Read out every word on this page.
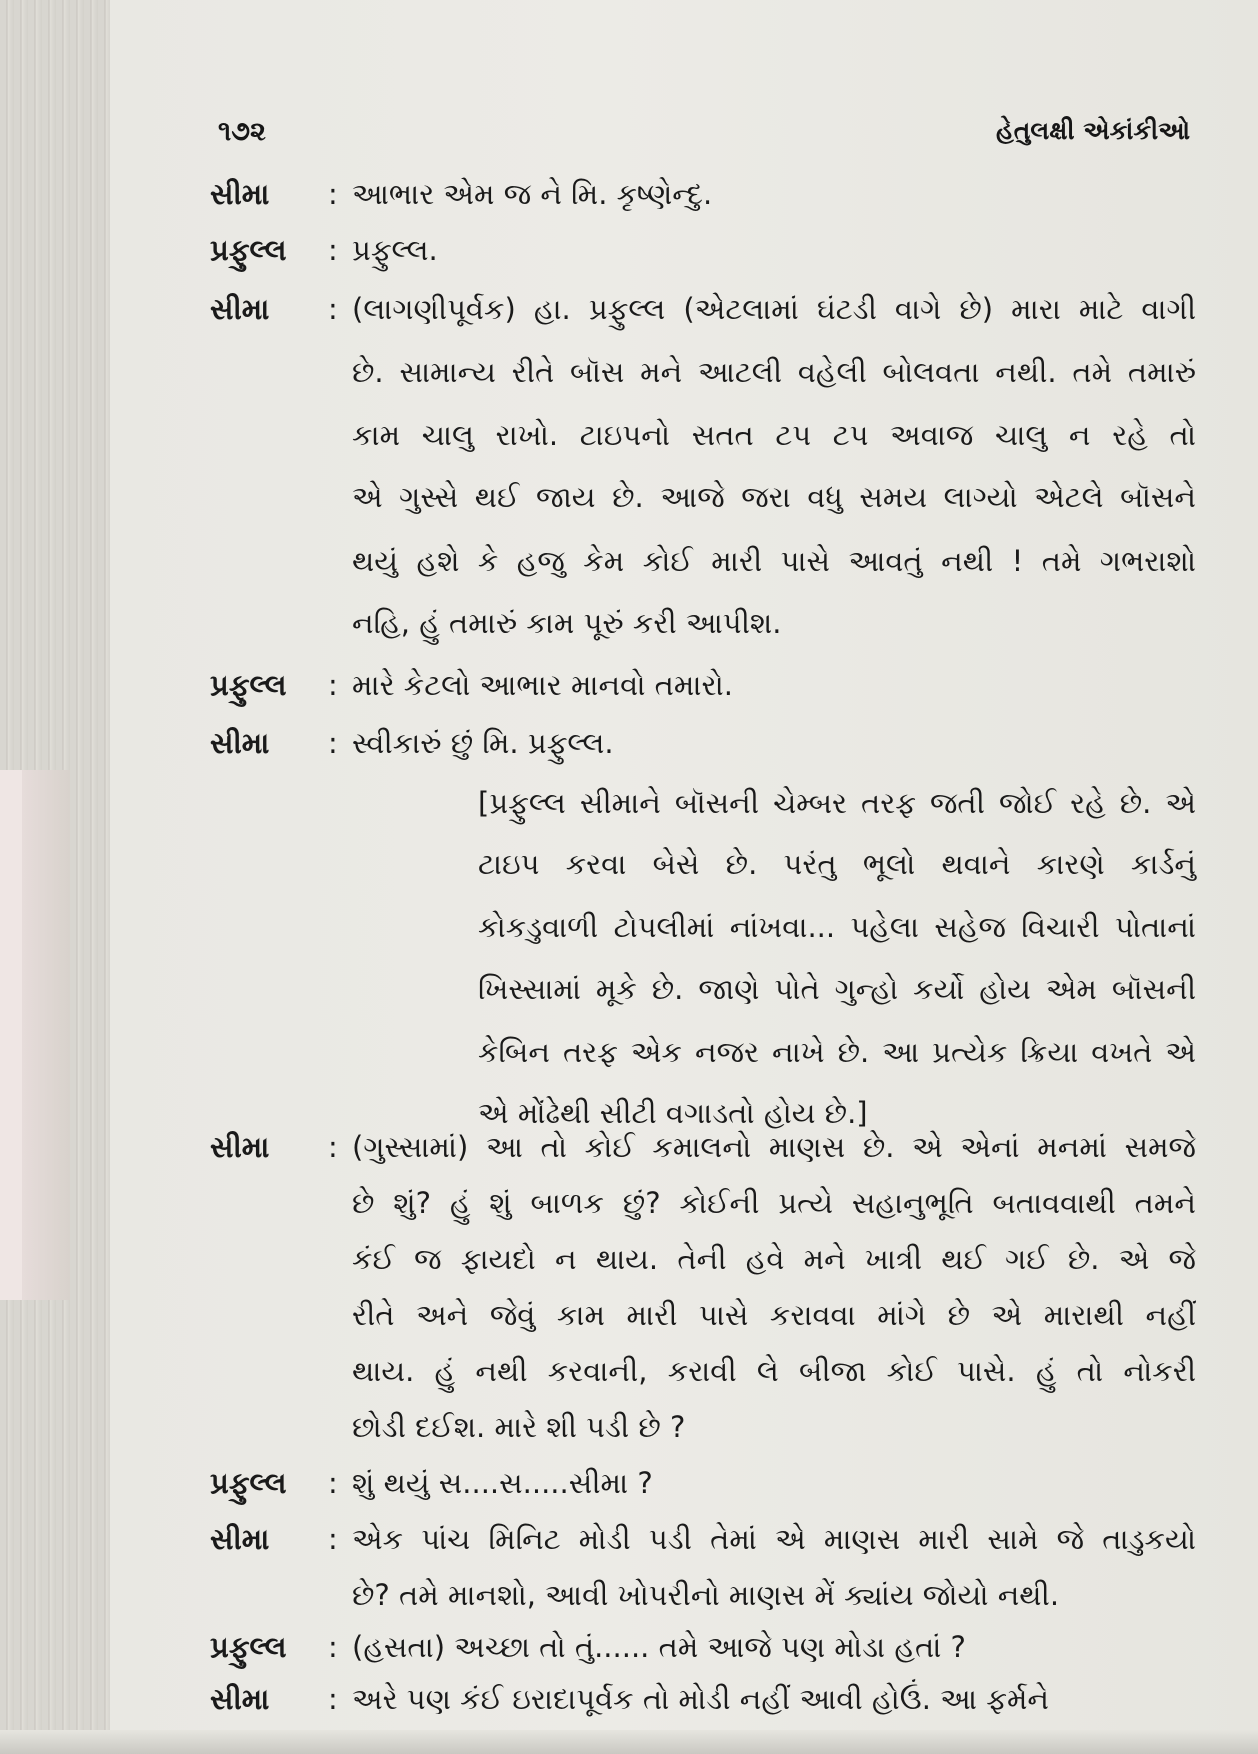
૧૭૨	હેતુલક્ષી એકાંકીઓ
સીમા	: આભાર એમ જ ને મિ. કૃષ્ણેન્દુ.
પ્રફુલ્લ	: પ્રફુલ્લ.
સીમા	: (લાગણીપૂર્વક) હા. પ્રફુલ્લ (એટલામાં ઘંટડી વાગે છે) મારા માટે વાગી
છે. સામાન્ય રીતે બૉસ મને આટલી વહેલી બોલવતા નથી. તમે તમારું
કામ ચાલુ રાખો. ટાઇપનો સતત ટપ ટપ અવાજ ચાલુ ન રહે તો
એ ગુસ્સે થઈ જાય છે. આજે જરા વધુ સમય લાગ્યો એટલે બૉસને
થયું હશે કે હજુ કેમ કોઈ મારી પાસે આવતું નથી ! તમે ગભરાશો
નહિ, હું તમારું કામ પૂરું કરી આપીશ.
પ્રફુલ્લ	: મારે કેટલો આભાર માનવો તમારો.
સીમા	: સ્વીકારું છું મિ. પ્રફુલ્લ.
[પ્રફુલ્લ સીમાને બૉસની ચેમ્બર તરફ જતી જોઈ રહે છે. એ
ટાઇપ કરવા બેસે છે. પરંતુ ભૂલો થવાને કારણે કાર્ડનું
કોકડુવાળી ટોપલીમાં નાંખવા... પહેલા સહેજ વિચારી પોતાનાં
ખિસ્સામાં મૂકે છે. જાણે પોતે ગુન્હો કર્યો હોય એમ બૉસની
કેબિન તરફ એક નજર નાખે છે. આ પ્રત્યેક ક્રિયા વખતે એ
એ મોંઢેથી સીટી વગાડતો હોય છે.]
સીમા	: (ગુસ્સામાં) આ તો કોઈ કમાલનો માણસ છે. એ એનાં મનમાં સમજે
છે શું? હું શું બાળક છું? કોઈની પ્રત્યે સહાનુભૂતિ બતાવવાથી તમને
કંઈ જ ફાયદો ન થાય. તેની હવે મને ખાત્રી થઈ ગઈ છે. એ જે
રીતે અને જેવું કામ મારી પાસે કરાવવા માંગે છે એ મારાથી નહીં
થાય. હું નથી કરવાની, કરાવી લે બીજા કોઈ પાસે. હું તો નોકરી
છોડી દઈશ. મારે શી પડી છે ?
પ્રફુલ્લ	: શું થયું સ....સ.....સીમા ?
સીમા	: એક પાંચ મિનિટ મોડી પડી તેમાં એ માણસ મારી સામે જે તાડુકયો
છે? તમે માનશો, આવી ખોપરીનો માણસ મેં ક્યાંય જોયો નથી.
પ્રફુલ્લ	: (હસતા) અચ્છા તો તું...... તમે આજે પણ મોડા હતાં ?
સીમા	: અરે પણ કંઈ ઇરાદાપૂર્વક તો મોડી નહીં આવી હોઉં. આ ફર્મને
